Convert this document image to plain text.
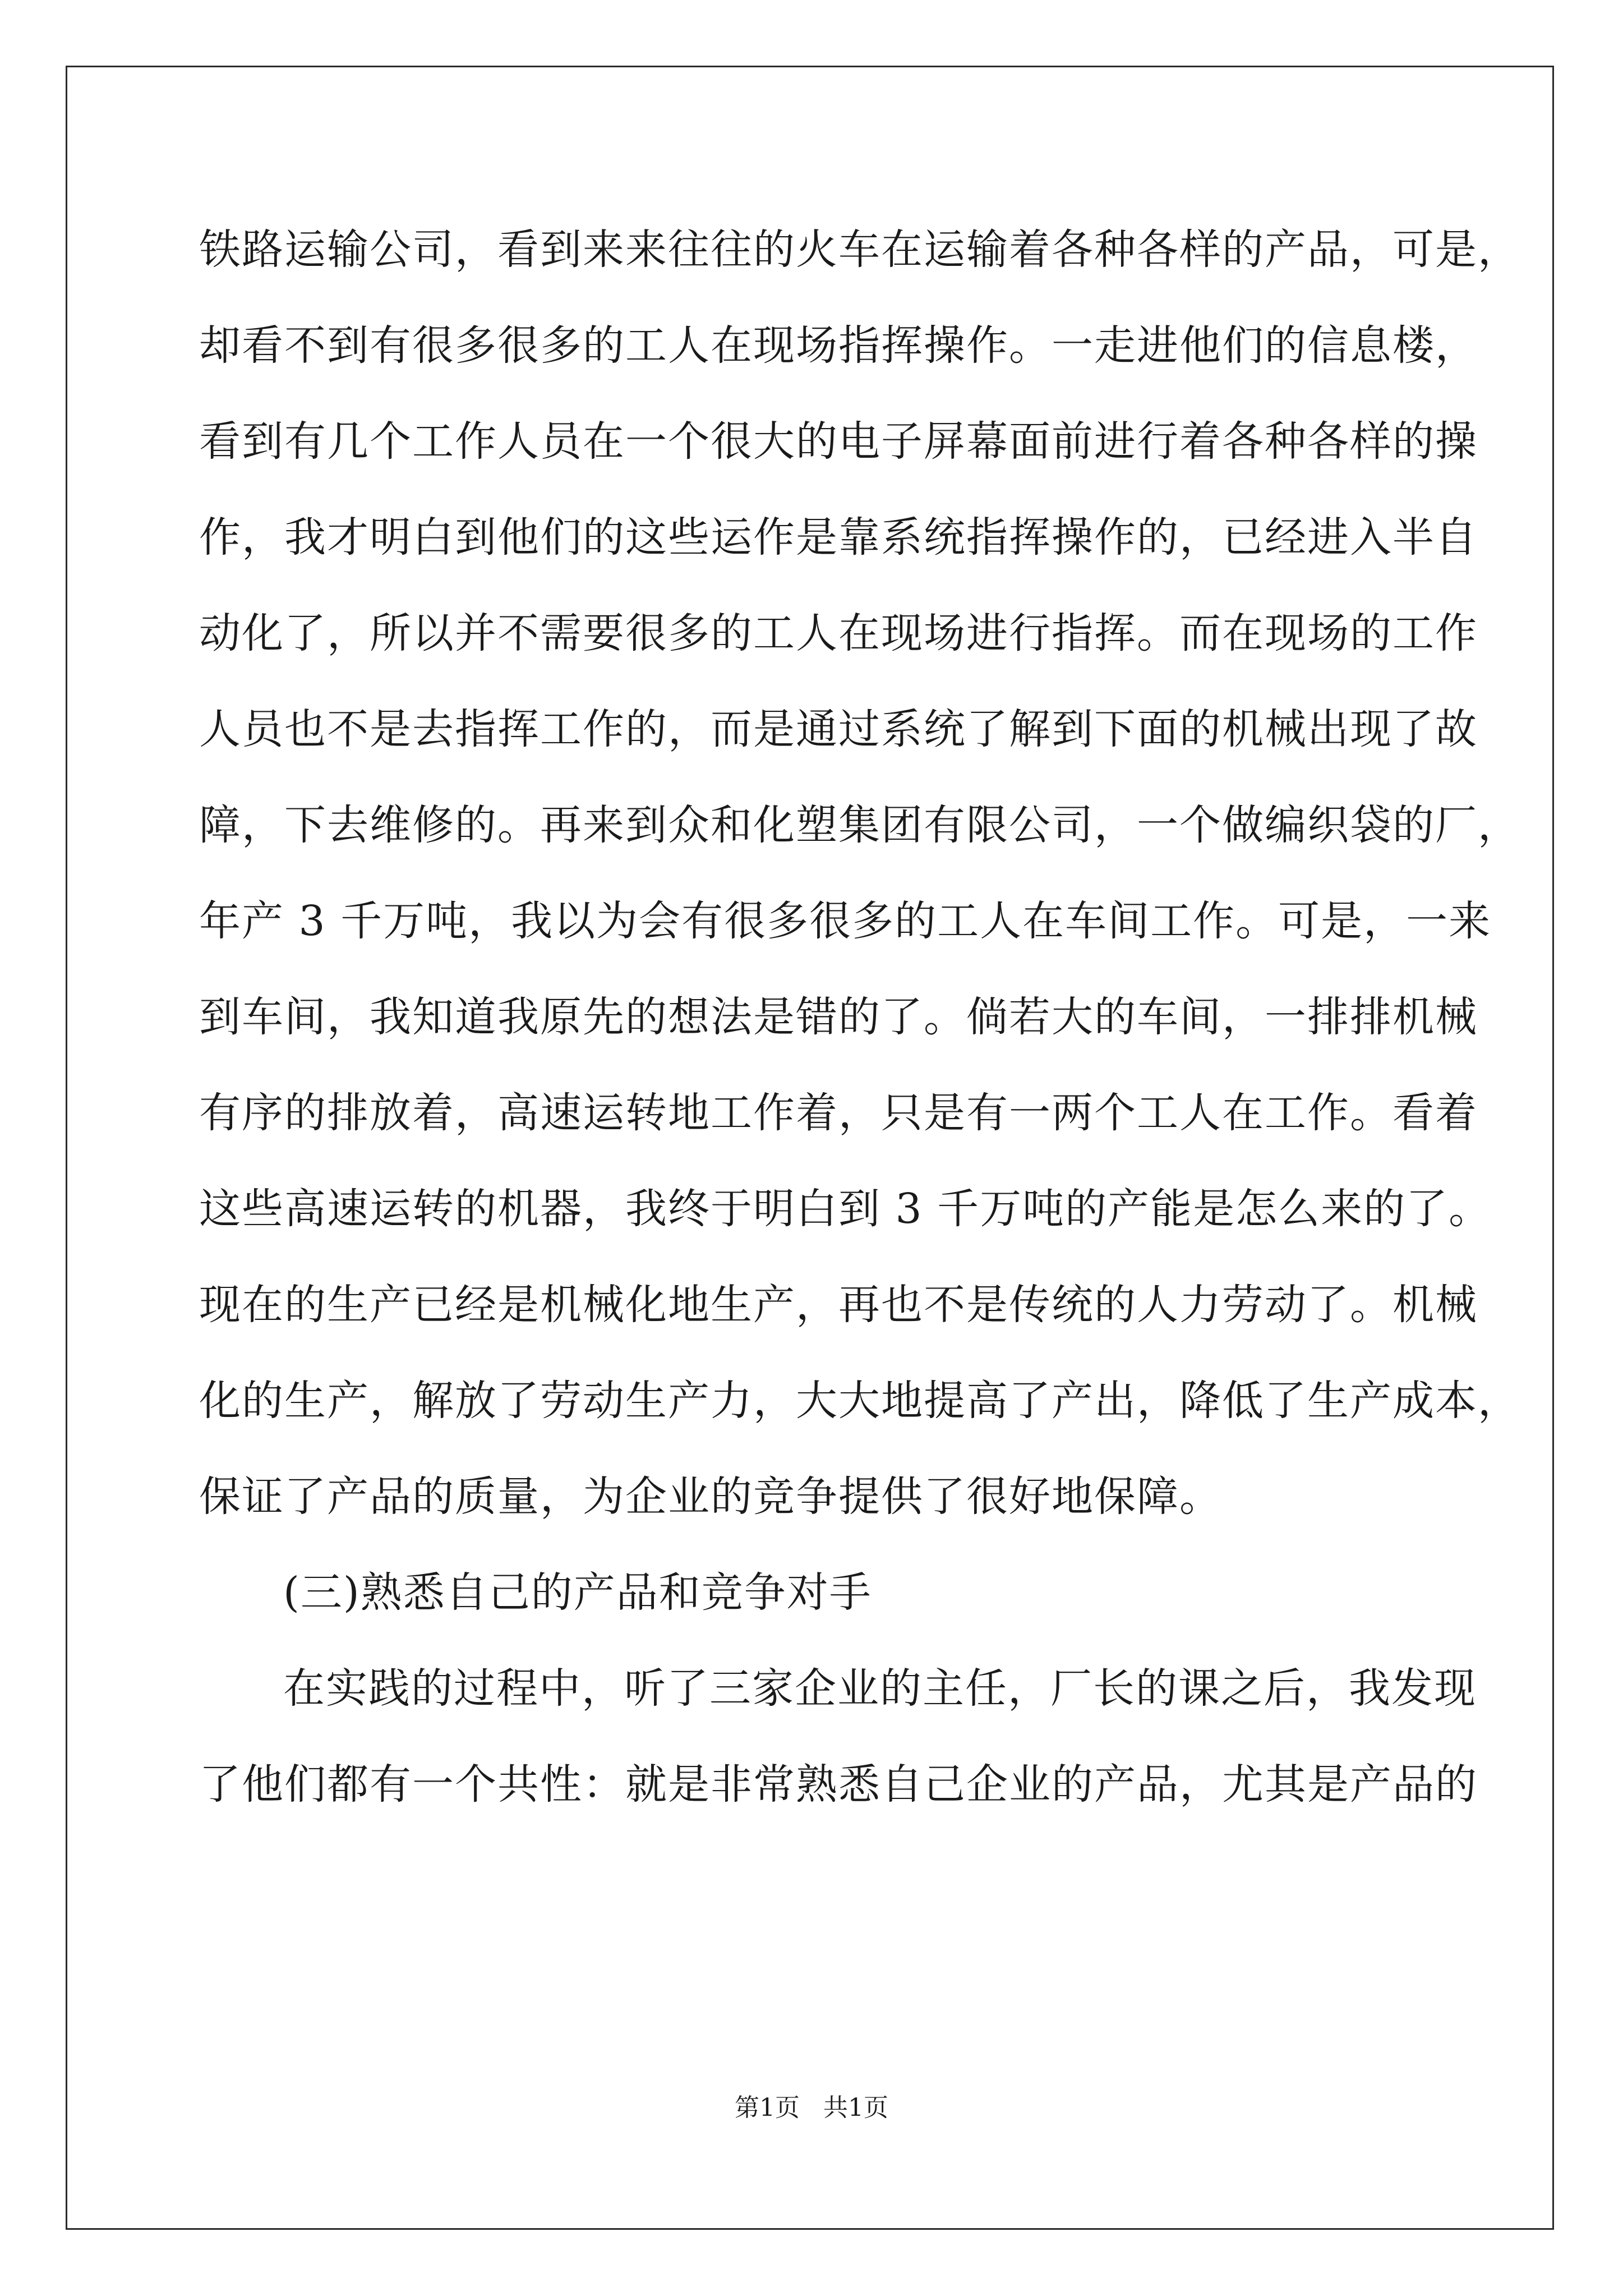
铁路运输公司，看到来来往往的火车在运输着各种各样的产品，可是，
却看不到有很多很多的工人在现场指挥操作。一走进他们的信息楼，
看到有几个工作人员在一个很大的电子屏幕面前进行着各种各样的操
作，我才明白到他们的这些运作是靠系统指挥操作的，已经进入半自
动化了，所以并不需要很多的工人在现场进行指挥。而在现场的工作
人员也不是去指挥工作的，而是通过系统了解到下面的机械出现了故
障，下去维修的。再来到众和化塑集团有限公司，一个做编织袋的厂，
年产 3 千万吨，我以为会有很多很多的工人在车间工作。可是，一来
到车间，我知道我原先的想法是错的了。倘若大的车间，一排排机械
有序的排放着，高速运转地工作着，只是有一两个工人在工作。看着
这些高速运转的机器，我终于明白到 3 千万吨的产能是怎么来的了。
现在的生产已经是机械化地生产，再也不是传统的人力劳动了。机械
化的生产，解放了劳动生产力，大大地提高了产出，降低了生产成本，
保证了产品的质量，为企业的竞争提供了很好地保障。
(三)熟悉自己的产品和竞争对手
在实践的过程中，听了三家企业的主任，厂长的课之后，我发现
了他们都有一个共性：就是非常熟悉自己企业的产品，尤其是产品的
第1页   共1页
